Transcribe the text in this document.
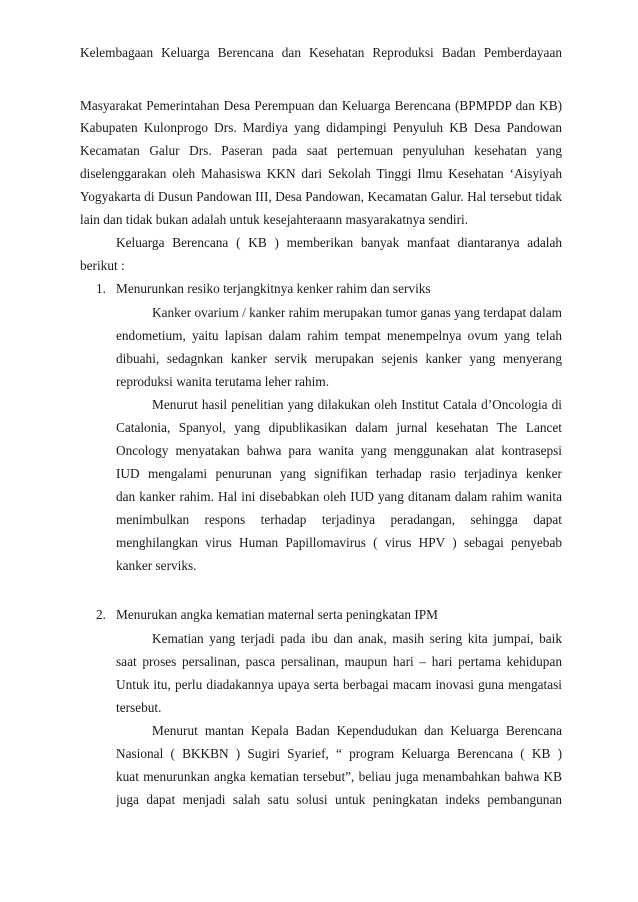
Kelembagaan Keluarga Berencana dan Kesehatan Reproduksi Badan Pemberdayaan
Masyarakat Pemerintahan Desa Perempuan dan Keluarga Berencana (BPMPDP dan KB)
Kabupaten Kulonprogo Drs. Mardiya yang didampingi Penyuluh KB Desa Pandowan
Kecamatan Galur Drs. Paseran pada saat pertemuan penyuluhan kesehatan yang
diselenggarakan oleh Mahasiswa KKN dari Sekolah Tinggi Ilmu Kesehatan ‘Aisyiyah
Yogyakarta di Dusun Pandowan III, Desa Pandowan, Kecamatan Galur. Hal tersebut tidak
lain dan tidak bukan adalah untuk kesejahteraann masyarakatnya sendiri.
Keluarga Berencana ( KB ) memberikan banyak manfaat diantaranya adalah
berikut :
1. Menurunkan resiko terjangkitnya kenker rahim dan serviks
Kanker ovarium / kanker rahim merupakan tumor ganas yang terdapat dalam
endometium, yaitu lapisan dalam rahim tempat menempelnya ovum yang telah
dibuahi, sedagnkan kanker servik merupakan sejenis kanker yang menyerang
reproduksi wanita terutama leher rahim.
Menurut hasil penelitian yang dilakukan oleh Institut Catala d’Oncologia di
Catalonia, Spanyol, yang dipublikasikan dalam jurnal kesehatan The Lancet
Oncology menyatakan bahwa para wanita yang menggunakan alat kontrasepsi
IUD mengalami penurunan yang signifikan terhadap rasio terjadinya kenker
dan kanker rahim. Hal ini disebabkan oleh IUD yang ditanam dalam rahim wanita
menimbulkan respons terhadap terjadinya peradangan, sehingga dapat
menghilangkan virus Human Papillomavirus ( virus HPV ) sebagai penyebab
kanker serviks.
2. Menurukan angka kematian maternal serta peningkatan IPM
Kematian yang terjadi pada ibu dan anak, masih sering kita jumpai, baik
saat proses persalinan, pasca persalinan, maupun hari – hari pertama kehidupan
Untuk itu, perlu diadakannya upaya serta berbagai macam inovasi guna mengatasi
tersebut.
Menurut mantan Kepala Badan Kependudukan dan Keluarga Berencana
Nasional ( BKKBN ) Sugiri Syarief, “ program Keluarga Berencana ( KB )
kuat menurunkan angka kematian tersebut”, beliau juga menambahkan bahwa KB
juga dapat menjadi salah satu solusi untuk peningkatan indeks pembangunan
